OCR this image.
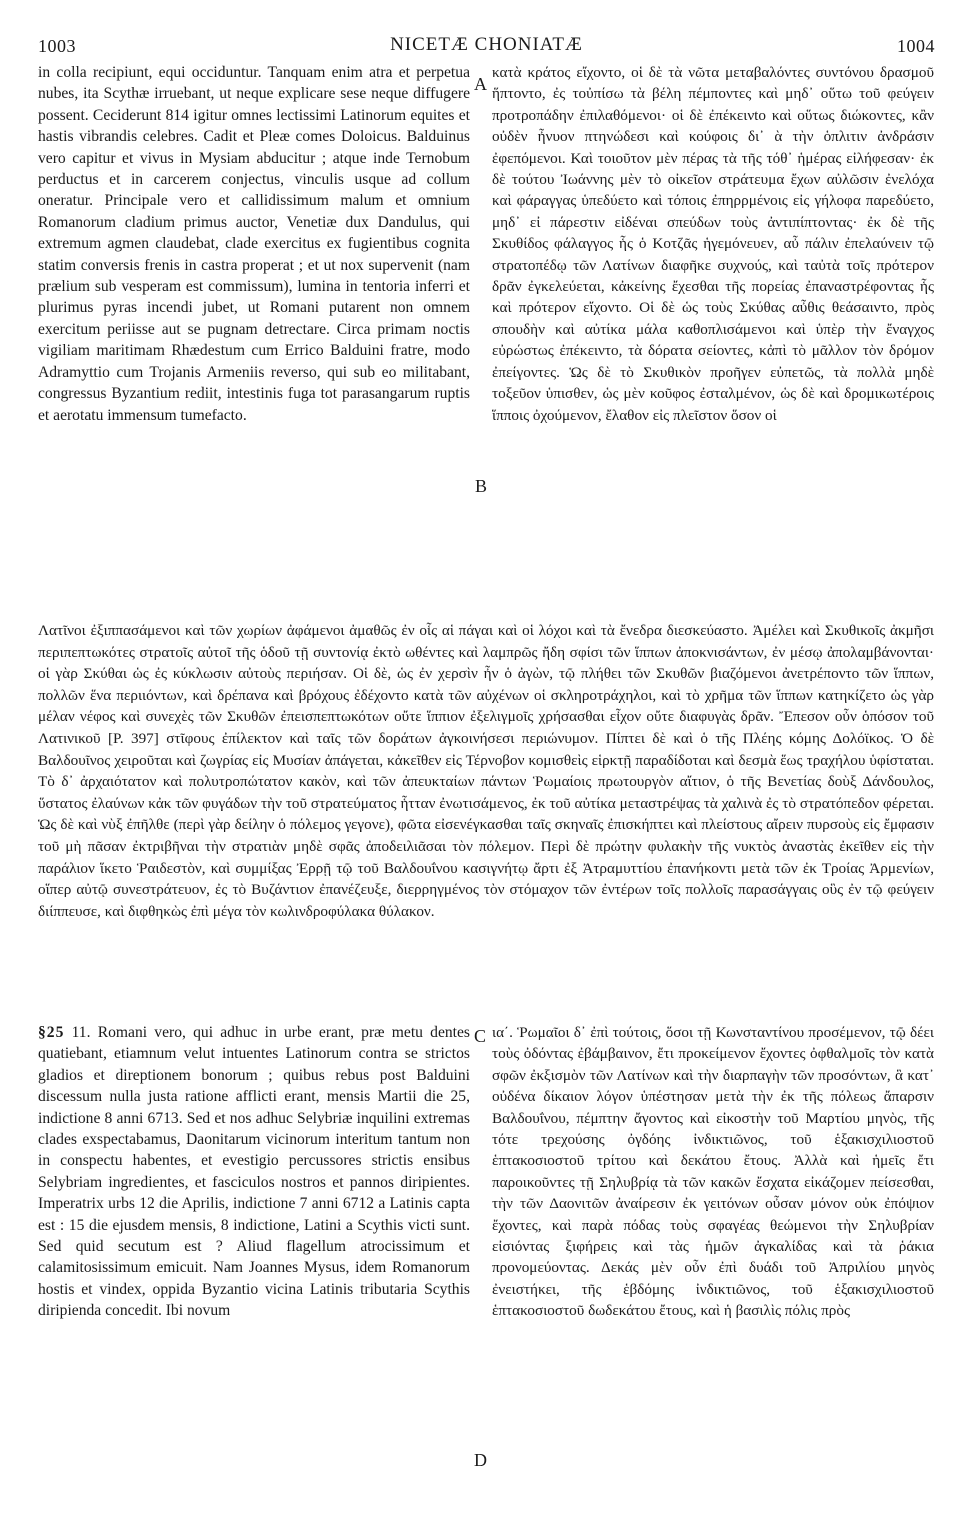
1003	NICETÆ CHONIATÆ	1004
A
B
C
D

in colla recipiunt, equi occiduntur. Tanquam enim atra et perpetua nubes, ita Scythæ irruebant, ut neque explicare sese neque diffugere possent. Ceciderunt 814 igitur omnes lectissimi Latinorum equites et hastis vibrandis celebres. Cadit et Pleæ comes Doloicus. Balduinus vero capitur et vivus in Mysiam abducitur ; atque inde Ternobum perductus et in carcerem conjectus, vinculis usque ad collum oneratur. Principale vero et callidissimum malum et omnium Romanorum cladium primus auctor, Venetiæ dux Dandulus, qui extremum agmen claudebat, clade exercitus ex fugientibus cognita statim conversis frenis in castra properat ; et ut nox supervenit (nam prælium sub vesperam est commissum), lumina in tentoria inferri et plurimus pyras incendi jubet, ut Romani putarent non omnem exercitum periisse aut se pugnam detrectare. Circa primam noctis vigiliam maritimam Rhædestum cum Errico Balduini fratre, modo Adramyttio cum Trojanis Armeniis reverso, qui sub eo militabant, congressus Byzantium rediit, intestinis fuga tot parasangarum ruptis et aerotatu immensum tumefacto.

κατὰ κράτος εἴχοντο, οἱ δὲ τὰ νῶτα μεταβαλόντες συντόνου δρασμοῦ ἥπτοντο, ἐς τοὐπίσω τὰ βέλη πέμποντες καὶ μηδ᾿ οὕτω τοῦ φεύγειν προτροπάδην ἐπιλαθόμενοι· οἱ δὲ ἐπέκεινto καὶ οὕτως διώκοντες, κἂν οὐδὲν ἦνυον πτηνώδεσι καὶ κούφοις δι᾿ ὰ τὴν ὁπλιτιν ἀνδράσιν ἐφεπόμενοι. Καὶ τοιοῦτον μὲν πέρας τὰ τῆς τόθ᾿ ἡμέρας εἰλήφεσαν· ἐκ δὲ τούτου Ἰωάννης μὲν τὸ οἰκεῖον στράτευμα ἔχων αὐλῶσιν ἐνελόχα καὶ φάραγγας ὑπεδύετο καὶ τόποις ἐπηρρμένοις εἰς γήλοφα παρεδύετο, μηδ᾿ εἰ πάρεστιν εἰδέναι σπεύδων τοὺς ἀντιπίπτοντας· ἐκ δὲ τῆς Σκυθίδος φάλαγγος ἧς ὁ Κοτζᾶς ἡγεμόνευεν, αὖ πάλιν ἐπελαύνειν τῷ στρατοπέδῳ τῶν Λατίνων διαφῆκε συχνούς, καὶ ταὐτὰ τοῖς πρότερον δρᾶν ἐγκελεύεται, κἀκείνης ἔχεσθαι τῆς πορείας ἐπαναστρέφοντας ἧς καὶ πρότερον εἴχοντο. Οἱ δὲ ὡς τοὺς Σκύθας αὖθις θεάσαιντο, πρὸς σπουδὴν καὶ αὐτίκα μάλα καθοπλισάμενοι καὶ ὑπὲρ τὴν ἔναγχος εὐρώστως ἐπέκειντο, τὰ δόρατα σείοντες, κἀπὶ τὸ μᾶλλον τὸν δρόμον ἐπείγοντες. Ὡς δὲ τὸ Σκυθικὸν προῆγεν εὐπετῶς, τὰ πολλὰ μηδὲ τοξεῦον ὑπισθεν, ὡς μὲν κοῦφος ἐσταλμένον, ὡς δὲ καὶ δρομικωτέροις ἵπποις ὀχούμενον, ἔλαθον εἰς πλεῖστον ὅσον οἱ

Λατῖνοι ἐξιππασάμενοι καὶ τῶν χωρίων ἀφάμενοι ἀμαθῶς ἐν οἷς αἱ πάγαι καὶ οἱ λόχοι καὶ τὰ ἔνεδρα διεσκεύαστο. Ἀμέλει καὶ Σκυθικοῖς ἀκμῆσι περιπεπτωκότες στρατοῖς αὐτοῖ τῆς ὁδοῦ τῇ συντονίᾳ ἐκτὸ ωθέντες καὶ λαμπρῶς ἤδη σφίσι τῶν ἵππων ἀποκνισάντων, ἐν μέσῳ ἀπολαμβάνονται· οἱ γὰρ Σκύθαι ὡς ἐς κύκλωσιν αὐτοὺς περιήσαν. Οἱ δὲ, ὡς ἐν χερσὶν ἦν ὁ ἀγὼν, τῷ πλήθει τῶν Σκυθῶν βιαζόμενοι ἀνετρέποντο τῶν ἵππων, πολλῶν ἕνα περιιόντων, καὶ δρέπανα καὶ βρόχους ἐδέχοντο κατὰ τῶν αὐχένων οἱ σκληροτράχηλοι, καὶ τὸ χρῆμα τῶν ἵππων κατηκίζετο ὡς γὰρ μέλαν νέφος καὶ συνεχὲς τῶν Σκυθῶν ἐπεισπεπτωκότων οὔτε ἵππιον ἐξελιγμοῖς χρήσασθαι εἶχον οὔτε διαφυγὰς δρᾶν. Ἔπεσον οὖν ὁπόσον τοῦ Λατινικοῦ [P. 397] στῖφους ἐπίλεκτον καὶ ταῖς τῶν δοράτων ἀγκοινήσεσι περιώνυμον. Πίπτει δὲ καὶ ὁ τῆς Πλέης κόμης Δολόϊκος. Ὁ δὲ Βαλδουῖνος χειροῦται καὶ ζωγρίας εἰς Μυσίαν ἀπάγεται, κἀκεῖθεν εἰς Τέρνοβον κομισθεὶς εἱρκτῇ παραδίδοται καὶ δεσμὰ ἕως τραχήλου ὑφίσταται. Τὸ δ᾿ ἀρχαιότατον καὶ πολυτροπώτατον κακὸν, καὶ τῶν ἀπευκταίων πάντων Ῥωμαίοις πρωτουργὸν αἴτιον, ὁ τῆς Βενετίας δοὺξ Δάνδουλος, ὕστατος ἐλαύνων κἀκ τῶν φυγάδων τὴν τοῦ στρατεύματος ἧτταν ἐνωτισάμενος, ἐκ τοῦ αὐτίκα μεταστρέψας τὰ χαλινὰ ἐς τὸ στρατόπεδον φέρεται. Ὡς δὲ καὶ νὺξ ἐπῆλθε (περὶ γὰρ δείλην ὁ πόλεμος γεγονε), φῶτα εἰσενέγκασθαι ταῖς σκηναῖς ἐπισκήπτει καὶ πλείστους αἴρειν πυρσοὺς εἰς ἔμφασιν τοῦ μὴ πᾶσαν ἐκτριβῆναι τὴν στρατιὰν μηδὲ σφᾶς ἀποδειλιᾶσαι τὸν πόλεμον. Περὶ δὲ πρώτην φυλακὴν τῆς νυκτὸς ἀναστὰς ἐκεῖθεν εἰς τὴν παράλιον ἵκετο Ῥαιδεστὸν, καὶ συμμίξας Ἐρρῇ τῷ τοῦ Βαλδουΐνου κασιγνήτῳ ἄρτι ἐξ Ἀτραμυττίου ἐπανήκοντι μετὰ τῶν ἐκ Τροίας Ἀρμενίων, οἵπερ αὐτῷ συνεστράτευον, ἐς τὸ Βυζάντιον ἐπανέζευξε, διερρηγμένος τὸν στόμαχον τῶν ἐντέρων τοῖς πολλοῖς παρασάγγαις οὓς ἐν τῷ φεύγειν διίππευσε, καὶ διφθηκὼς ἐπὶ μέγα τὸν κωλινδροφύλακα θύλακον.

§25 11. Romani vero, qui adhuc in urbe erant, præ metu dentes quatiebant, etiamnum velut intuentes Latinorum contra se strictos gladios et direptionem bonorum ; quibus rebus post Balduini discessum nulla justa ratione afflicti erant, mensis Martii die 25, indictione 8 anni 6713. Sed et nos adhuc Selybriæ inquilini extremas clades exspectabamus, Daonitarum vicinorum interitum tantum non in conspectu habentes, et evestigio percussores strictis ensibus Selybriam ingredientes, et fasciculos nostros et pannos diripientes. Imperatrix urbs 12 die Aprilis, indictione 7 anni 6712 a Latinis capta est : 15 die ejusdem mensis, 8 indictione, Latini a Scythis victi sunt. Sed quid secutum est ? Aliud flagellum atrocissimum et calamitosissimum emicuit. Nam Joannes Mysus, idem Romanorum hostis et vindex, oppida Byzantio vicina Latinis tributaria Scythis diripienda concedit. Ibi novum

ια΄. Ῥωμαῖοι δ᾿ ἐπὶ τούτοις, ὅσοι τῇ Κωνσταντίνου προσέμενον, τῷ δέει τοὺς ὀδόντας ἐβάμβαινον, ἔτι προκείμενον ἔχοντες ὀφθαλμοῖς τὸν κατὰ σφῶν ἐκξισμὸν τῶν Λατίνων καὶ τὴν διαρπαγὴν τῶν προσόντων, ἃ κατ᾿ οὐδένα δίκαιον λόγον ὑπέστησαν μετὰ τὴν ἐκ τῆς πόλεως ἄπαρσιν Βαλδουΐνου, πέμπτην ἄγοντος καὶ εἰκοστὴν τοῦ Μαρτίου μηνὸς, τῆς τότε τρεχούσης ὀγδόης ἰνδικτιῶνος, τοῦ ἑξακισχιλιοστοῦ ἑπτακοσιοστοῦ τρίτου καὶ δεκάτου ἔτους. Ἀλλὰ καὶ ἡμεῖς ἔτι παροικοῦντες τῇ Σηλυβρίᾳ τὰ τῶν κακῶν ἔσχατα εἰκάζομεν πείσεσθαι, τὴν τῶν Δαονιτῶν ἀναίρεσιν ἐκ γειτόνων οὖσαν μόνον οὐκ ἐπόψιον ἔχοντες, καὶ παρὰ πόδας τοὺς σφαγέας θεώμενοι τὴν Σηλυβρίαν εἰσιόντας ξιφήρεις καὶ τὰς ἡμῶν ἀγκαλίδας καὶ τὰ ῥάκια προνομεύοντας. Δεκάς μὲν οὖν ἐπὶ δυάδι τοῦ Ἀπριλίου μηνὸς ἐνειστήκει, τῆς ἑβδόμης ἰνδικτιῶνος, τοῦ ἑξακισχιλιοστοῦ ἑπτακοσιοστοῦ δωδεκάτου ἔτους, καὶ ἡ βασιλὶς πόλις πρὸς
